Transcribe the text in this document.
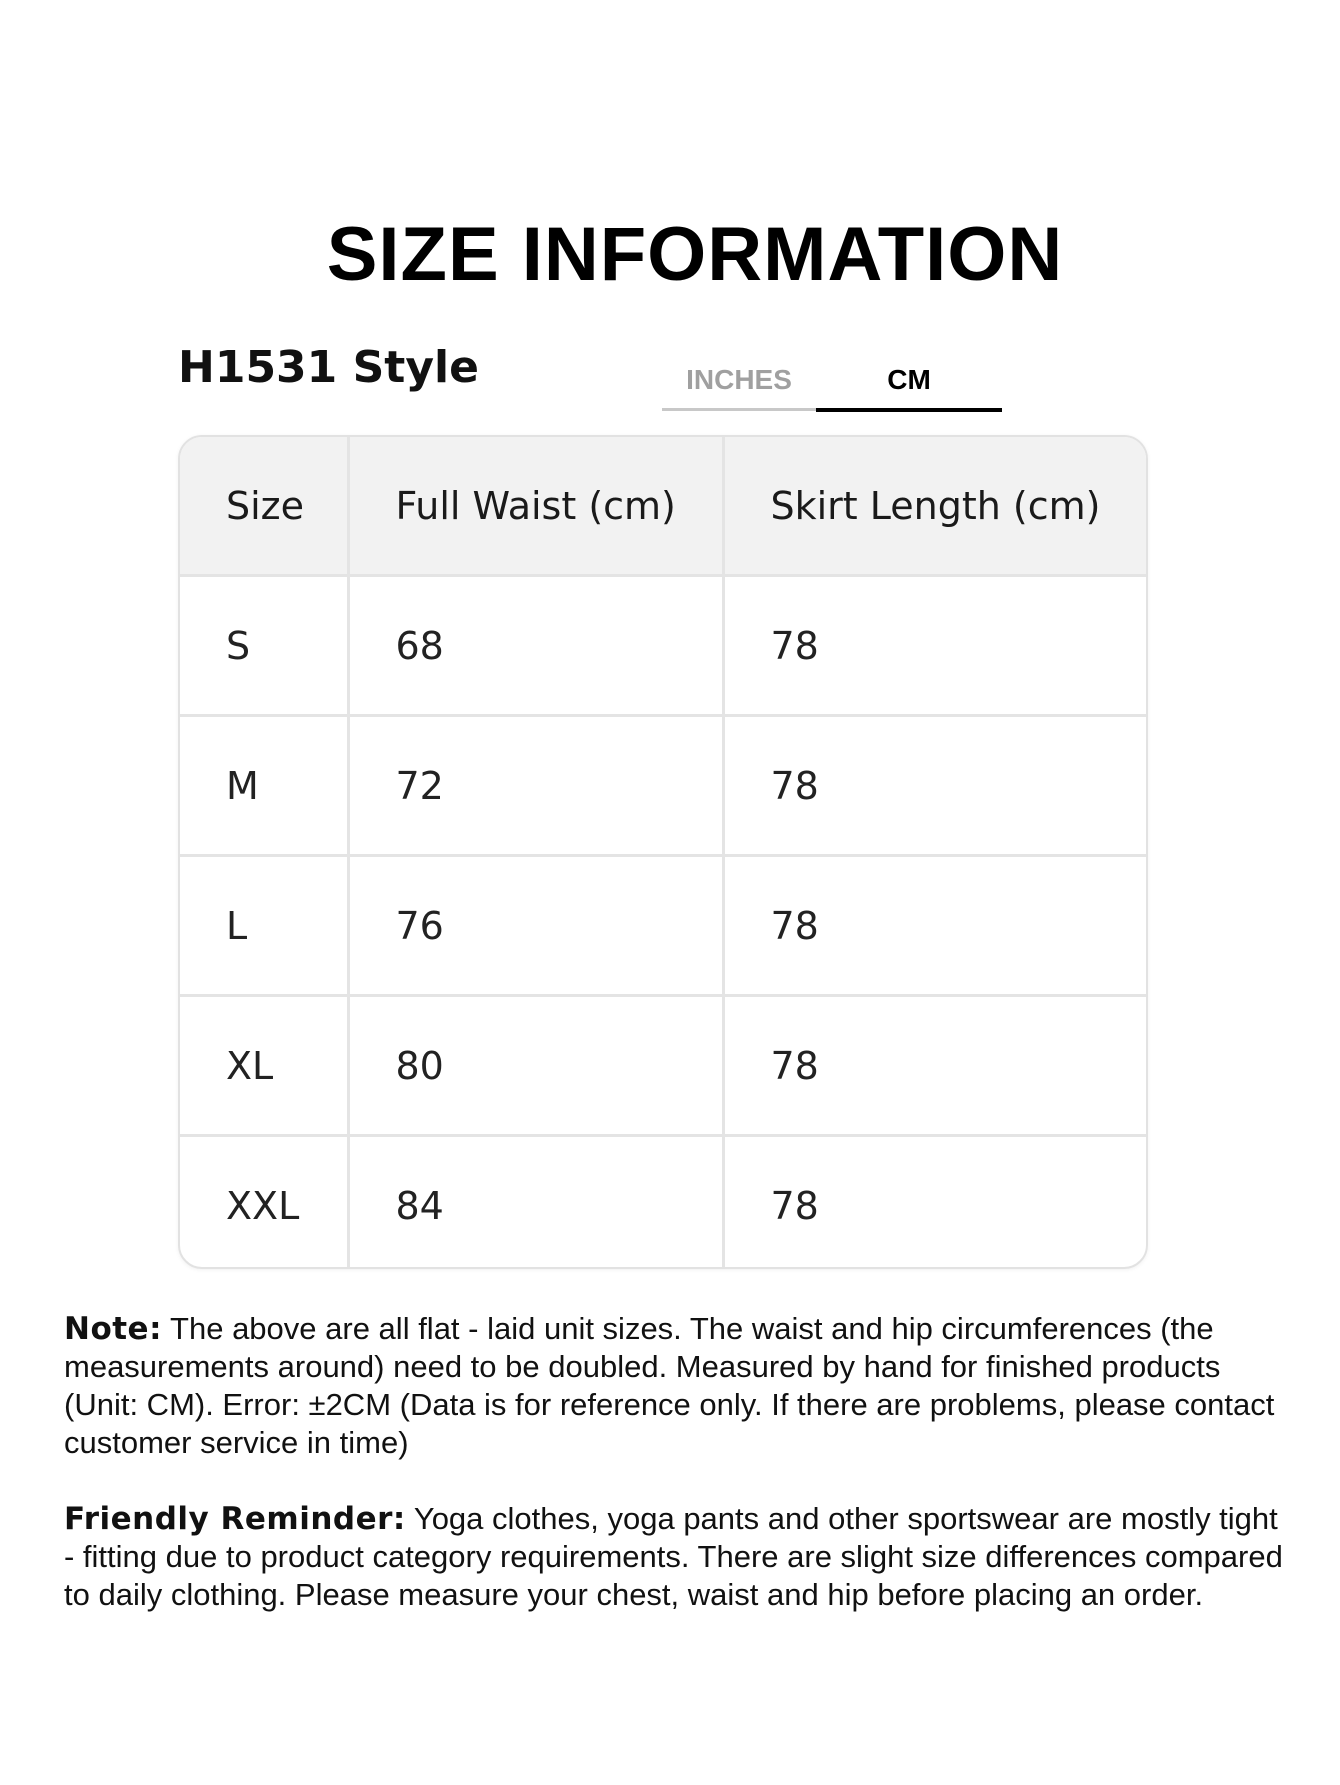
SIZE INFORMATION
H1531 Style	INCHES	CM
Size	Full Waist (cm)	Skirt Length (cm)
S	68	78
M	72	78
L	76	78
XL	80	78
XXL	84	78

Note: The above are all flat - laid unit sizes. The waist and hip circumferences (the measurements around) need to be doubled. Measured by hand for finished products (Unit: CM). Error: ±2CM (Data is for reference only. If there are problems, please contact customer service in time)

Friendly Reminder: Yoga clothes, yoga pants and other sportswear are mostly tight - fitting due to product category requirements. There are slight size differences compared to daily clothing. Please measure your chest, waist and hip before placing an order.
